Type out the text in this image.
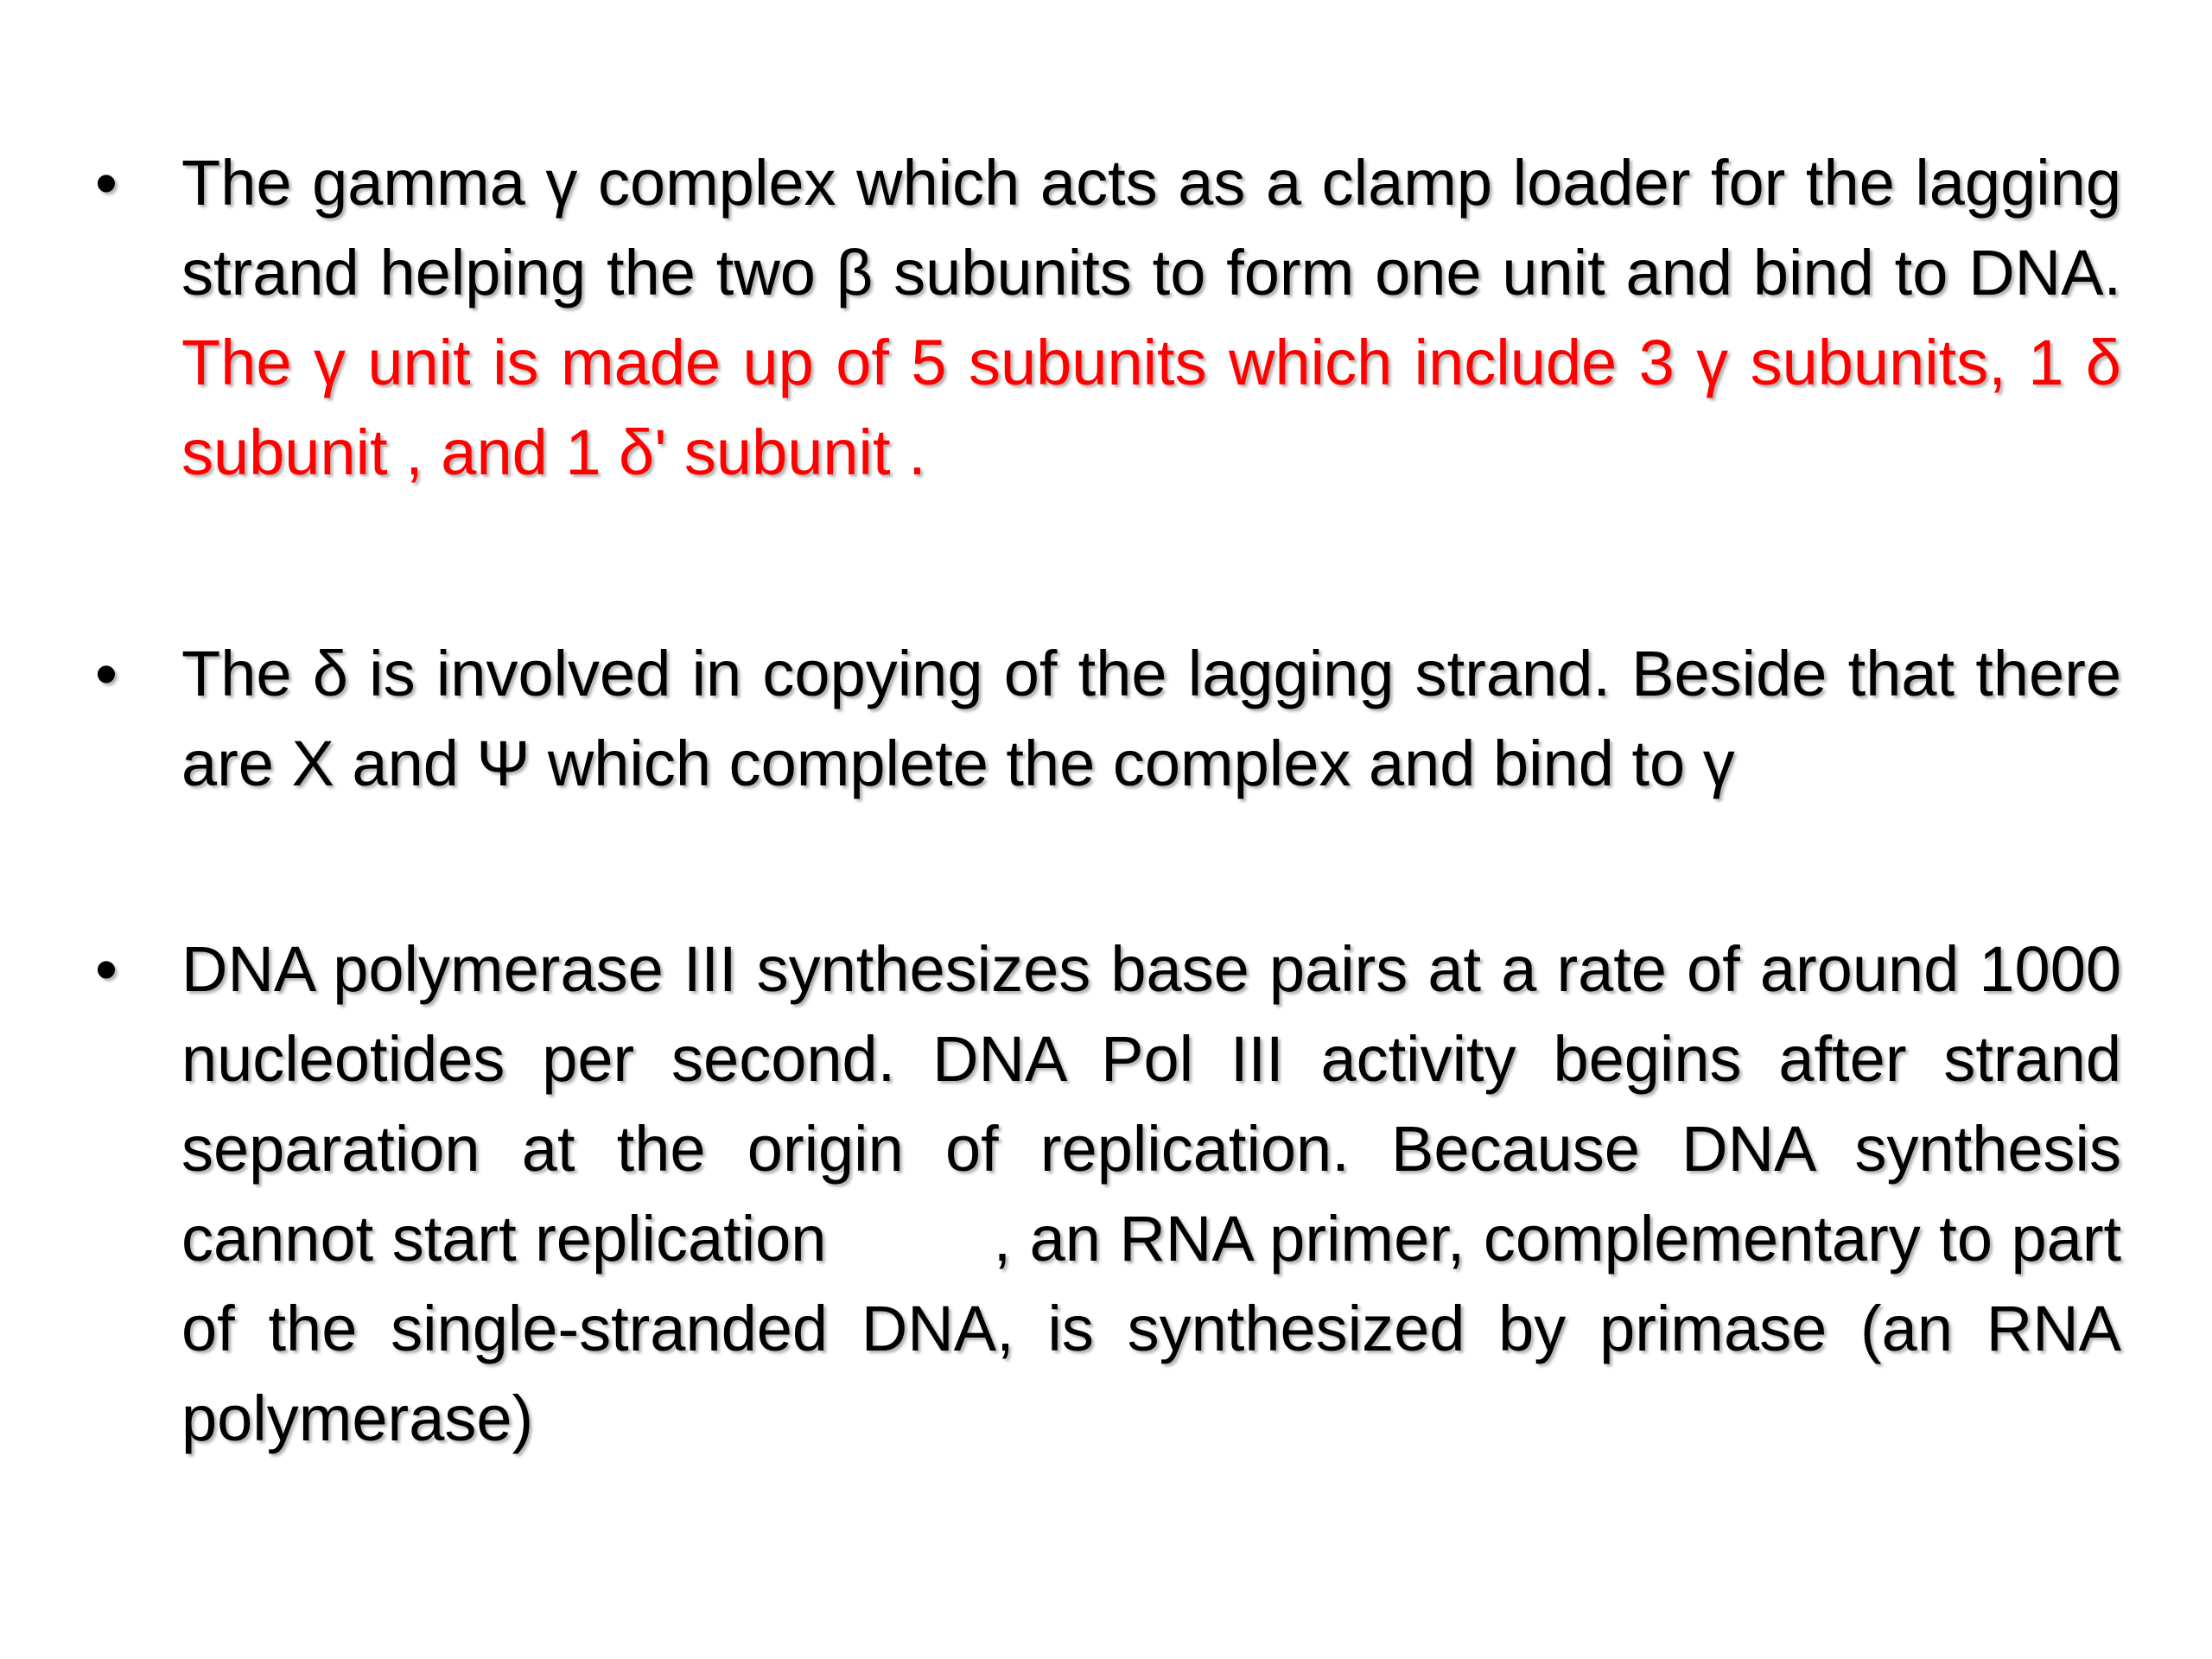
•	The gamma γ complex which acts as a clamp loader for the lagging strand helping the two β subunits to form one unit and bind to DNA. The γ unit is made up of 5 subunits which include 3 γ subunits, 1 δ subunit , and 1 δ' subunit .
•	The δ is involved in copying of the lagging strand. Beside that there are X and Ψ which complete the complex and bind to γ
•	DNA polymerase III synthesizes base pairs at a rate of around 1000 nucleotides per second. DNA Pol III activity begins after strand separation at the origin of replication. Because DNA synthesis cannot start replication	, an RNA primer, complementary to part of the single-stranded DNA, is synthesized by primase (an RNA polymerase)
